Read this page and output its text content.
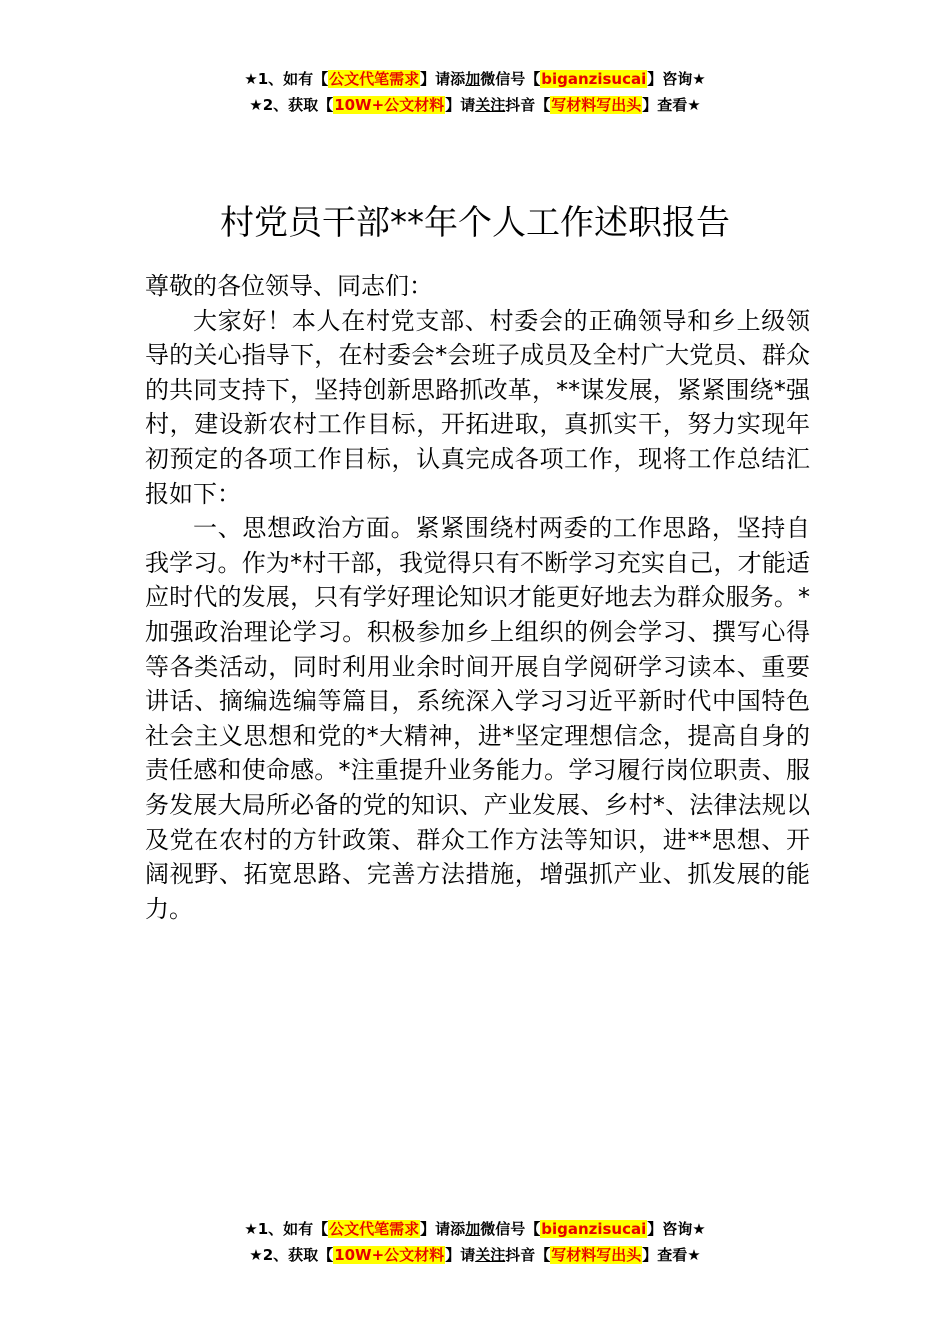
★1、如有【公文代笔需求】请添加微信号【biganzisucai】咨询★
★2、获取【10W+公文材料】请关注抖音【写材料写出头】查看★
村党员干部**年个人工作述职报告

尊敬的各位领导、同志们：

大家好！本人在村党支部、村委会的正确领导和乡上级领导的关心指导下，在村委会*会班子成员及全村广大党员、群众的共同支持下，坚持创新思路抓改革，**谋发展，紧紧围绕*强村，建设新农村工作目标，开拓进取，真抓实干，努力实现年初预定的各项工作目标，认真完成各项工作，现将工作总结汇报如下：

一、思想政治方面。紧紧围绕村两委的工作思路，坚持自我学习。作为*村干部，我觉得只有不断学习充实自己，才能适应时代的发展，只有学好理论知识才能更好地去为群众服务。*加强政治理论学习。积极参加乡上组织的例会学习、撰写心得等各类活动，同时利用业余时间开展自学阅研学习读本、重要讲话、摘编选编等篇目，系统深入学习习近平新时代中国特色社会主义思想和党的*大精神，进*坚定理想信念，提高自身的责任感和使命感。*注重提升业务能力。学习履行岗位职责、服务发展大局所必备的党的知识、产业发展、乡村*、法律法规以及党在农村的方针政策、群众工作方法等知识，进**思想、开阔视野、拓宽思路、完善方法措施，增强抓产业、抓发展的能力。

★1、如有【公文代笔需求】请添加微信号【biganzisucai】咨询★
★2、获取【10W+公文材料】请关注抖音【写材料写出头】查看★
